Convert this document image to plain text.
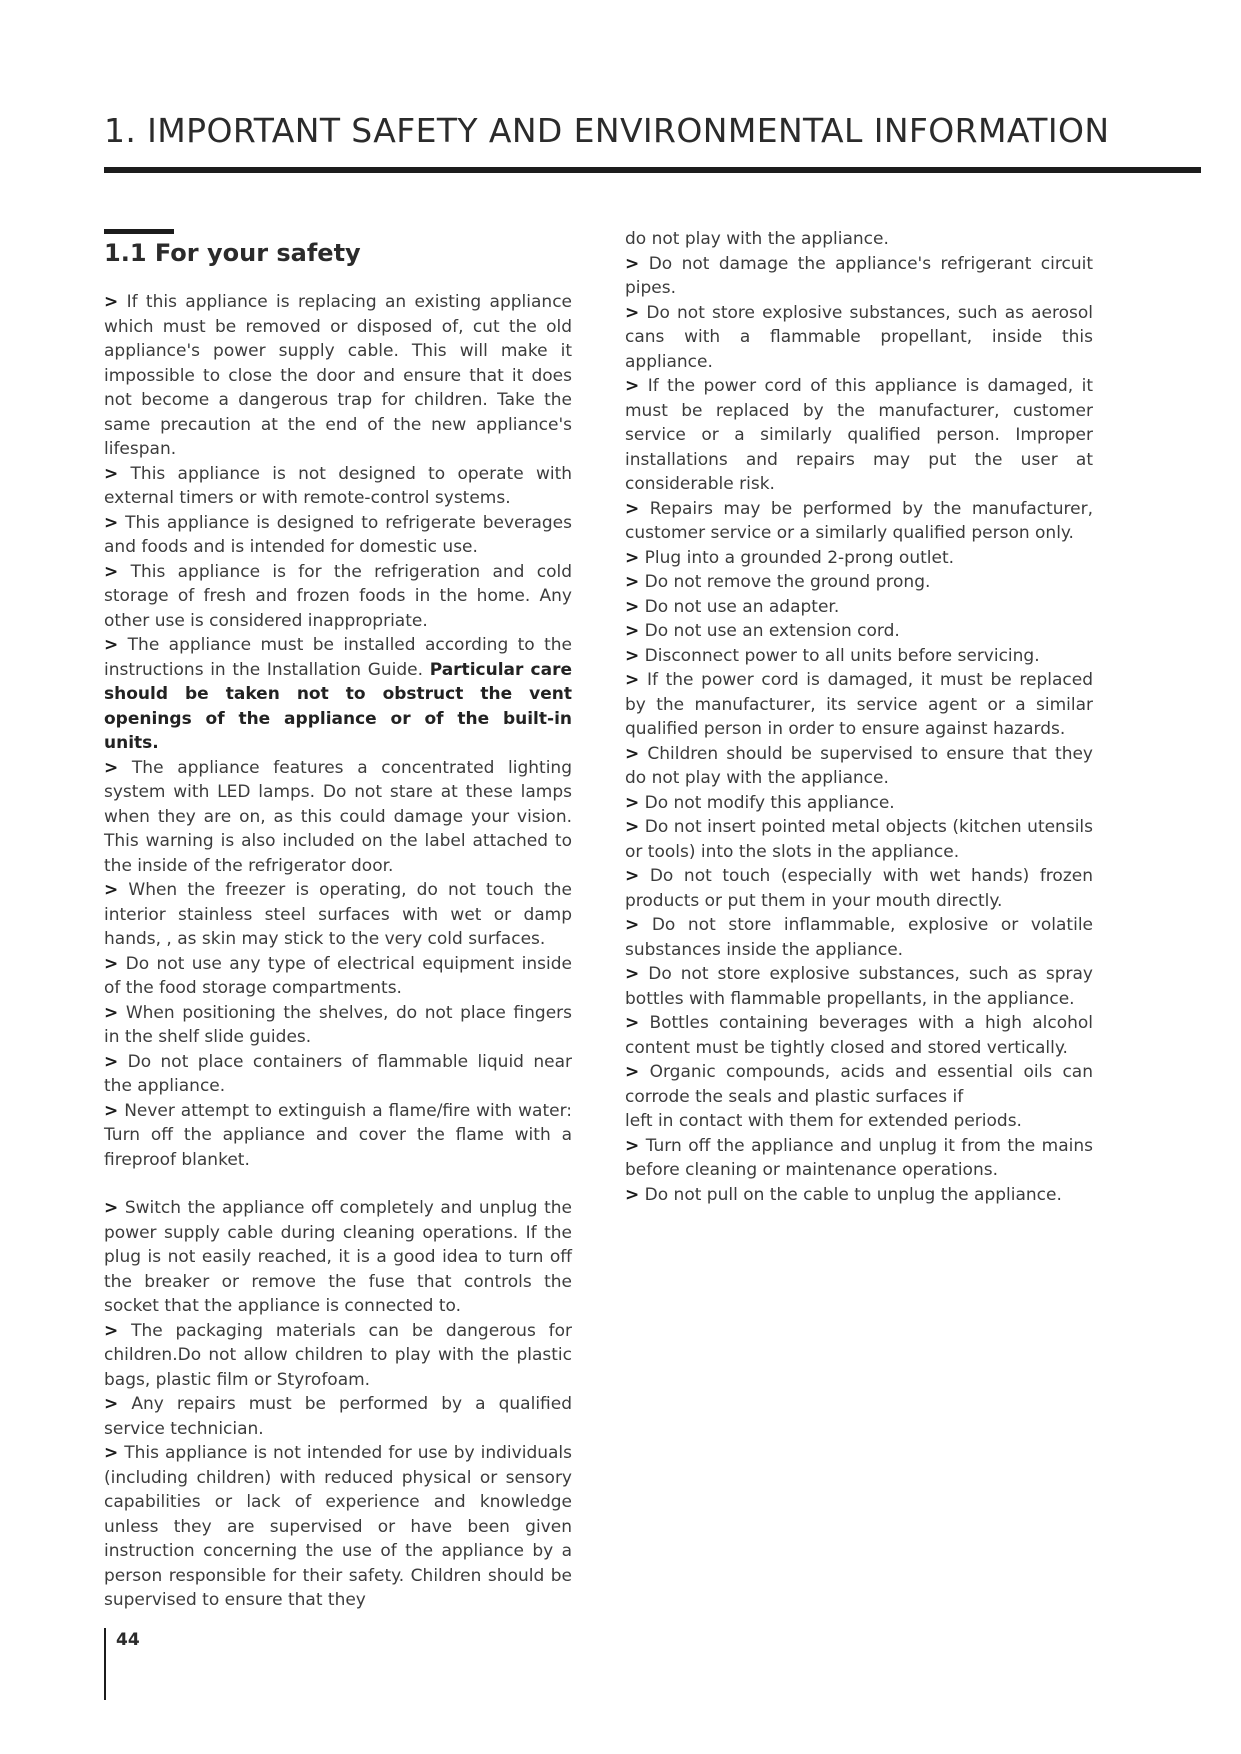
1. IMPORTANT SAFETY AND ENVIRONMENTAL INFORMATION
1.1 For your safety

> If this appliance is replacing an existing appliance which must be removed or disposed of, cut the old appliance's power supply cable. This will make it impossible to close the door and ensure that it does not become a dangerous trap for children. Take the same precaution at the end of the new appliance's lifespan.

> This appliance is not designed to operate with external timers or with remote-control systems.

> This appliance is designed to refrigerate beverages and foods and is intended for domestic use.

> This appliance is for the refrigeration and cold storage of fresh and frozen foods in the home. Any other use is considered inappropriate.

> The appliance must be installed according to the instructions in the Installation Guide. Particular care should be taken not to obstruct the vent openings of the appliance or of the built-in units.

> The appliance features a concentrated lighting system with LED lamps. Do not stare at these lamps when they are on, as this could damage your vision. This warning is also included on the label attached to the inside of the refrigerator door.

> When the freezer is operating, do not touch the interior stainless steel surfaces with wet or damp hands, , as skin may stick to the very cold surfaces.

> Do not use any type of electrical equipment inside of the food storage compartments.

> When positioning the shelves, do not place fingers in the shelf slide guides.

> Do not place containers of flammable liquid near the appliance.

> Never attempt to extinguish a flame/fire with water: Turn off the appliance and cover the flame with a fireproof blanket.

> Switch the appliance off completely and unplug the power supply cable during cleaning operations. If the plug is not easily reached, it is a good idea to turn off the breaker or remove the fuse that controls the socket that the appliance is connected to.

> The packaging materials can be dangerous for children.Do not allow children to play with the plastic bags, plastic film or Styrofoam.

> Any repairs must be performed by a qualified service technician.

> This appliance is not intended for use by individuals (including children) with reduced physical or sensory capabilities or lack of experience and knowledge unless they are supervised or have been given instruction concerning the use of the appliance by a person responsible for their safety. Children should be supervised to ensure that they

do not play with the appliance.

> Do not damage the appliance's refrigerant circuit pipes.

> Do not store explosive substances, such as aerosol cans with a flammable propellant, inside this appliance.

> If the power cord of this appliance is damaged, it must be replaced by the manufacturer, customer service or a similarly qualified person. Improper installations and repairs may put the user at considerable risk.

> Repairs may be performed by the manufacturer, customer service or a similarly qualified person only.

> Plug into a grounded 2-prong outlet.

> Do not remove the ground prong.

> Do not use an adapter.

> Do not use an extension cord.

> Disconnect power to all units before servicing.

> If the power cord is damaged, it must be replaced by the manufacturer, its service agent or a similar qualified person in order to ensure against hazards.

> Children should be supervised to ensure that they do not play with the appliance.

> Do not modify this appliance.

> Do not insert pointed metal objects (kitchen utensils or tools) into the slots in the appliance.

> Do not touch (especially with wet hands) frozen products or put them in your mouth directly.

> Do not store inflammable, explosive or volatile substances inside the appliance.

> Do not store explosive substances, such as spray bottles with flammable propellants, in the appliance.

> Bottles containing beverages with a high alcohol content must be tightly closed and stored vertically.

> Organic compounds, acids and essential oils can corrode the seals and plastic surfaces if

left in contact with them for extended periods.

> Turn off the appliance and unplug it from the mains before cleaning or maintenance operations.

> Do not pull on the cable to unplug the appliance.

44
